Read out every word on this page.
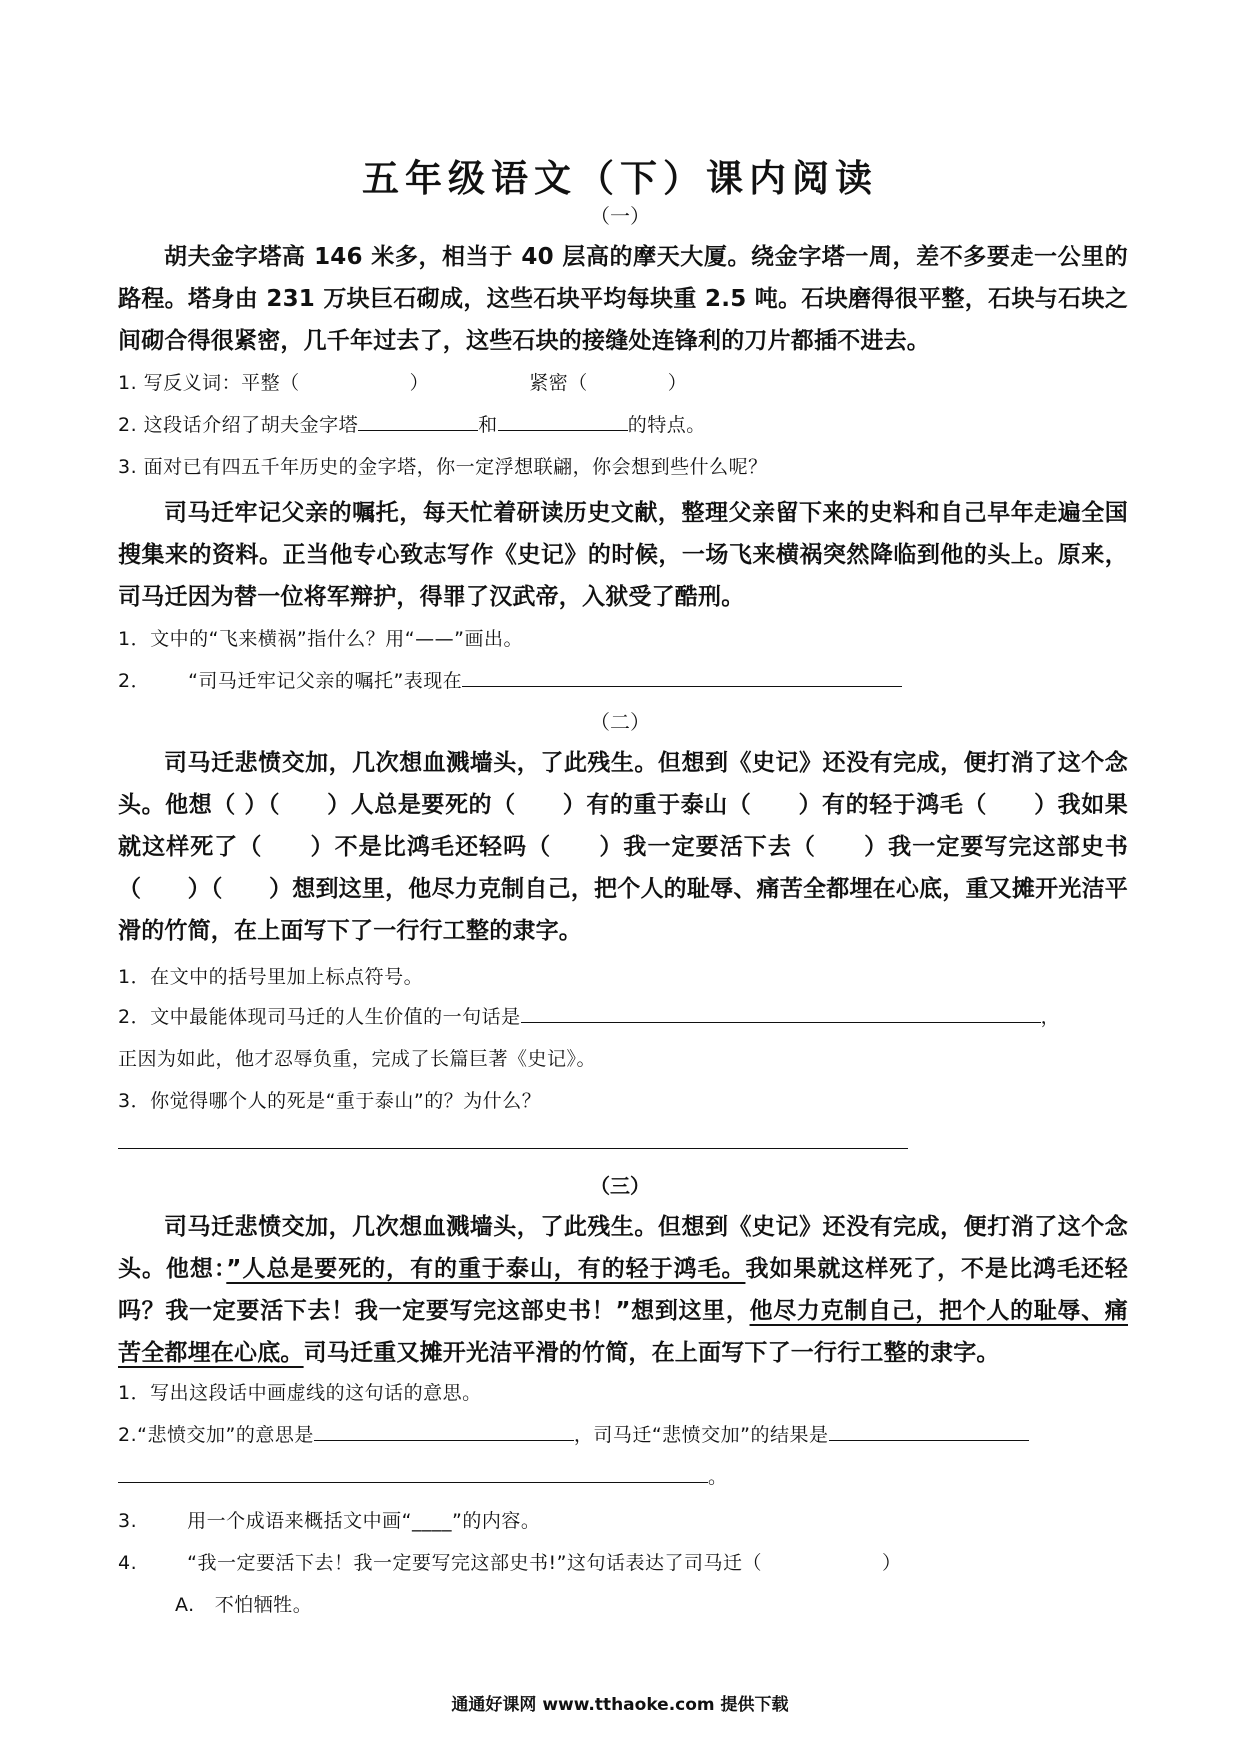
五年级语文（下）课内阅读
（一）
胡夫金字塔高 146 米多，相当于 40 层高的摩天大厦。绕金字塔一周，差不多要走一公里的路程。塔身由 231 万块巨石砌成，这些石块平均每块重 2.5 吨。石块磨得很平整，石块与石块之间砌合得很紧密，几千年过去了，这些石块的接缝处连锋利的刀片都插不进去。
1. 写反义词：平整（	）	紧密（	）
2. 这段话介绍了胡夫金字塔	和	的特点。
3. 面对已有四五千年历史的金字塔，你一定浮想联翩，你会想到些什么呢？
司马迁牢记父亲的嘱托，每天忙着研读历史文献，整理父亲留下来的史料和自己早年走遍全国搜集来的资料。正当他专心致志写作《史记》的时候，一场飞来横祸突然降临到他的头上。原来，司马迁因为替一位将军辩护，得罪了汉武帝，入狱受了酷刑。
1．文中的“飞来横祸”指什么？用“——”画出。
2． “司马迁牢记父亲的嘱托”表现在
（二）
司马迁悲愤交加，几次想血溅墙头，了此残生。但想到《史记》还没有完成，便打消了这个念头。他想（ ）（　　）人总是要死的（　　）有的重于泰山（　　）有的轻于鸿毛（　　）我如果就这样死了（　　）不是比鸿毛还轻吗（　　）我一定要活下去（　　）我一定要写完这部史书（　　）（　　）想到这里，他尽力克制自己，把个人的耻辱、痛苦全都埋在心底，重又摊开光洁平滑的竹简，在上面写下了一行行工整的隶字。
1．在文中的括号里加上标点符号。
2．文中最能体现司马迁的人生价值的一句话是	，
正因为如此，他才忍辱负重，完成了长篇巨著《史记》。
3．你觉得哪个人的死是“重于泰山”的？为什么？
（三）
司马迁悲愤交加，几次想血溅墙头，了此残生。但想到《史记》还没有完成，便打消了这个念头。他想：”人总是要死的，有的重于泰山，有的轻于鸿毛。我如果就这样死了，不是比鸿毛还轻吗？我一定要活下去！我一定要写完这部史书！”想到这里，他尽力克制自己，把个人的耻辱、痛苦全都埋在心底。司马迁重又摊开光洁平滑的竹简，在上面写下了一行行工整的隶字。
1．写出这段话中画虚线的这句话的意思。
2.“悲愤交加”的意思是	，司马迁“悲愤交加”的结果是
。
3.	用一个成语来概括文中画“____”的内容。
4.	“我一定要活下去！我一定要写完这部史书!”这句话表达了司马迁（	）
A. 不怕牺牲。
通通好课网 www.tthaoke.com 提供下载
